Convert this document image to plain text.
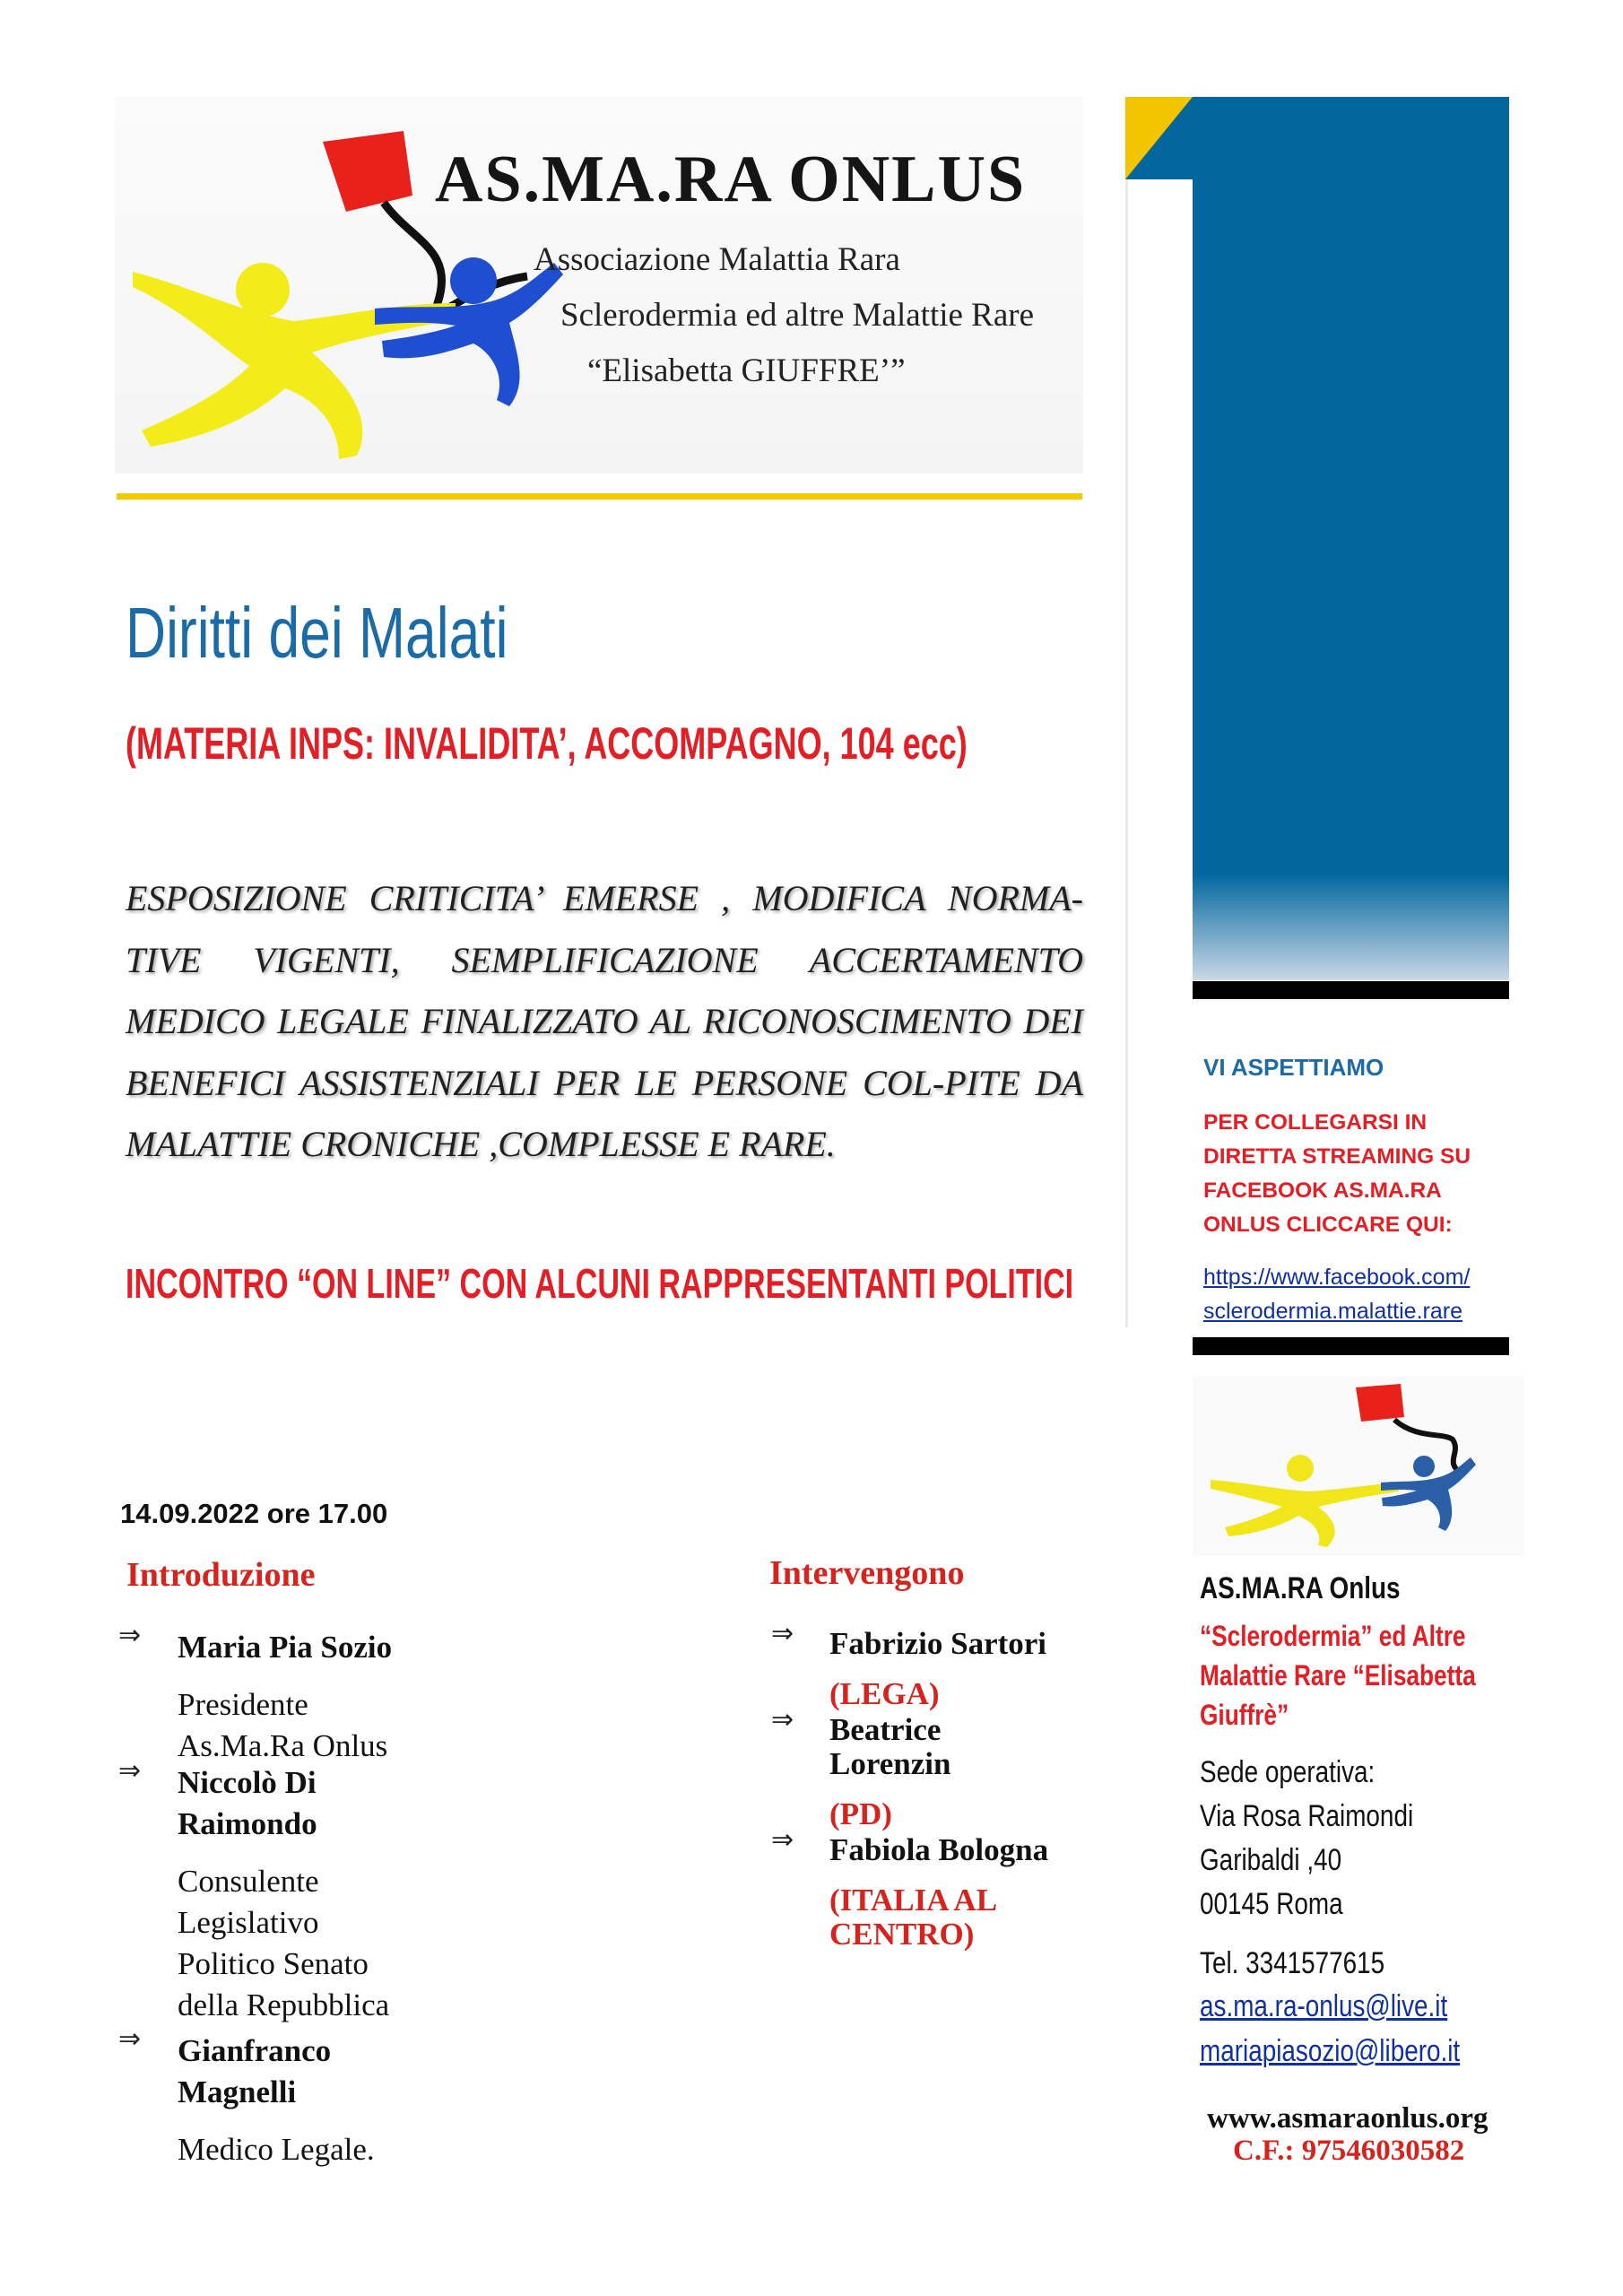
AS.MA.RA ONLUS
Associazione Malattia Rara
Sclerodermia ed altre Malattie Rare
“Elisabetta GIUFFRE’”
Diritti dei Malati
(MATERIA INPS: INVALIDITA’, ACCOMPAGNO, 104 ecc)
ESPOSIZIONE CRITICITA’ EMERSE , MODIFICA NORMA-TIVE VIGENTI, SEMPLIFICAZIONE ACCERTAMENTO MEDICO LEGALE FINALIZZATO AL RICONOSCIMENTO DEI BENEFICI ASSISTENZIALI PER LE PERSONE COL-PITE DA MALATTIE CRONICHE ,COMPLESSE E RARE.
INCONTRO “ON LINE” CON ALCUNI RAPPRESENTANTI POLITICI
14.09.2022 ore 17.00
Introduzione
⇒ Maria Pia Sozio

Presidente
As.Ma.Ra Onlus

⇒ Niccolò Di
Raimondo

Consulente
Legislativo
Politico Senato
della Repubblica

⇒ Gianfranco
Magnelli

Medico Legale.

Intervengono
⇒ Fabrizio Sartori

(LEGA)

⇒ Beatrice
Lorenzin

(PD)

⇒ Fabiola Bologna

(ITALIA AL
CENTRO)

VI ASPETTIAMO
PER COLLEGARSI IN DIRETTA STREAMING SU FACEBOOK AS.MA.RA ONLUS CLICCARE QUI:
https://www.facebook.com/
sclerodermia.malattie.rare
AS.MA.RA Onlus
“Sclerodermia” ed Altre Malattie Rare “Elisabetta Giuffrè”
Sede operativa:
Via Rosa Raimondi
Garibaldi ,40
00145 Roma
Tel. 3341577615
as.ma.ra-onlus@live.it
mariapiasozio@libero.it
www.asmaraonlus.org
C.F.: 97546030582
